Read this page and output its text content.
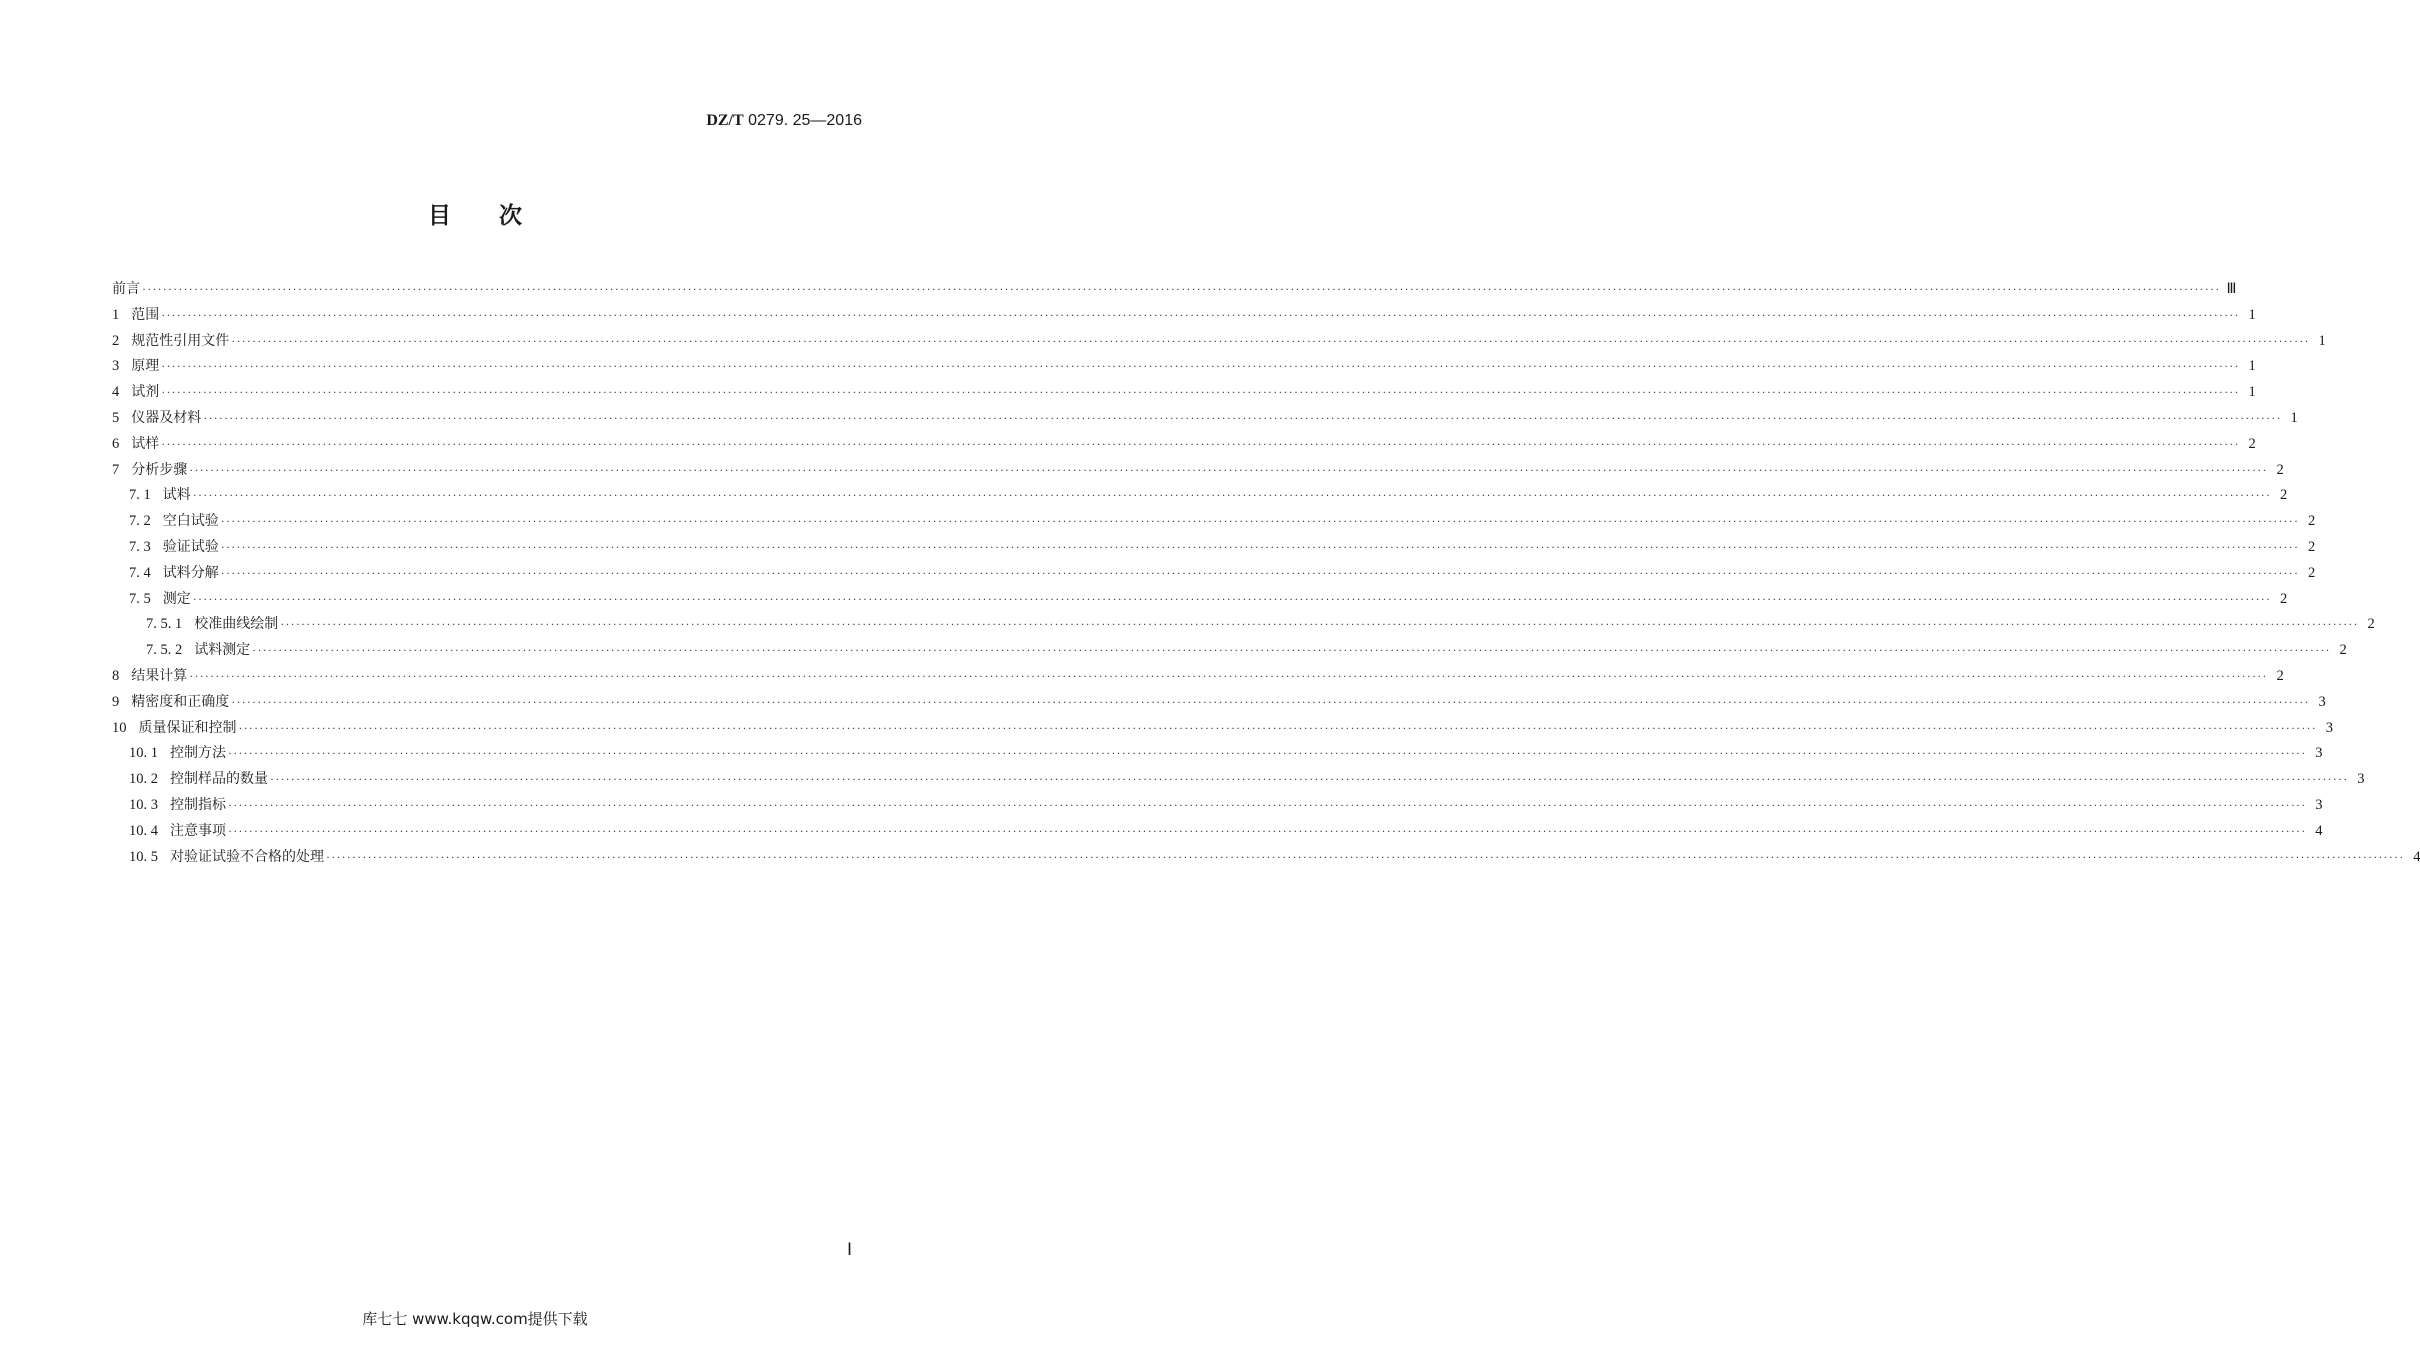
DZ/T 0279. 25—2016
目次
前言 ················································································································································································································································································································································································································ Ⅲ
1 范围 ················································································································································································································································································································································································································ 1
2 规范性引用文件 ················································································································································································································································································································································································································ 1
3 原理 ················································································································································································································································································································································································································ 1
4 试剂 ················································································································································································································································································································································································································ 1
5 仪器及材料 ················································································································································································································································································································································································································ 1
6 试样 ················································································································································································································································································································································································································ 2
7 分析步骤 ················································································································································································································································································································································································································ 2
7. 1 试料 ················································································································································································································································································································································································································ 2
7. 2 空白试验 ················································································································································································································································································································································································································ 2
7. 3 验证试验 ················································································································································································································································································································································································································ 2
7. 4 试料分解 ················································································································································································································································································································································································································ 2
7. 5 测定 ················································································································································································································································································································································································································ 2
7. 5. 1 校准曲线绘制 ················································································································································································································································································································································································································ 2
7. 5. 2 试料测定 ················································································································································································································································································································································································································ 2
8 结果计算 ················································································································································································································································································································································································································ 2
9 精密度和正确度 ················································································································································································································································································································································································································ 3
10 质量保证和控制 ················································································································································································································································································································································································································ 3
10. 1 控制方法 ················································································································································································································································································································································································································ 3
10. 2 控制样品的数量 ················································································································································································································································································································································································································ 3
10. 3 控制指标 ················································································································································································································································································································································································································ 3
10. 4 注意事项 ················································································································································································································································································································································································································ 4
10. 5 对验证试验不合格的处理 ················································································································································································································································································································································································································ 4
Ⅰ
库七七 www.kqqw.com提供下载
